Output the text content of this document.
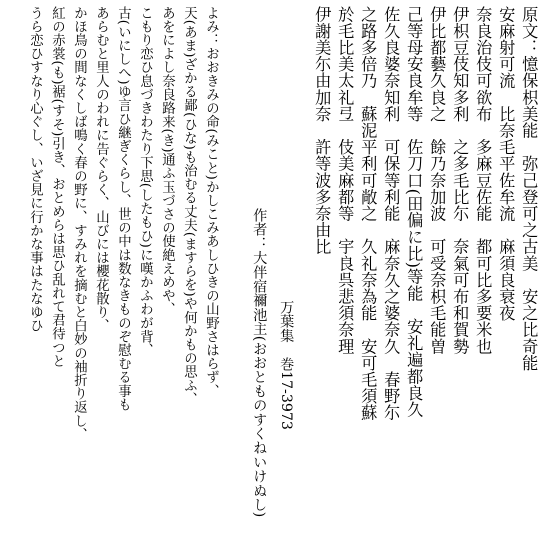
原文：憶保枳美能　弥己登可之古美　安之比奇能
安麻射可流　比奈毛平佐牟流　麻須良衰夜
奈良治伎可欲布　多麻豆佐能　都可比多要米也
伊枳豆伎知多利　之多毛比尓　奈氣可布和賀勢
伊比都藝久良之　餘乃奈加波　可受奈枳毛能曽
己等母安良牟等　佐刀口(田偏に比)等能　安礼遍都良久
佐久良婆奈知利　可保等利能　麻奈久之婆奈久　春野尓
之路多倍乃　蘇泥平利可敞之　久礼奈為能　安可毛須蘇
於毛比美太礼弖　伎美麻都等　宇良呉悲須奈理
伊謝美尓由加奈　許等波多奈由比
万葉集　巻17-3973
作者：大伴宿禰池主(おおとものすくねいけぬし)
よみ：おおきみの命(みこと)かしこみあしひきの山野さはらず、
天(あま)ざかる鄙(ひな)も治むる丈夫(ますらを)や何かもの思ふ、
あをによし奈良路来(き)通ふ玉づさの使絶えめや、
こもり恋ひ息づきわたり下思(したもひ)に嘆かふわが背、
古(いにしへ)ゆ言ひ継ぎくらし、世の中は数なきものぞ慰むる事も
あらむと里人のわれに告ぐらく、山びには櫻花散り、
かほ鳥の間なくしば鳴く春の野に、すみれを摘むと白妙の袖折り返し、
紅の赤裳(も)裾(すそ)引き、おとめらは思ひ乱れて君待つと
うら恋ひすなり心ぐし、いざ見に行かな事はたなゆひ
